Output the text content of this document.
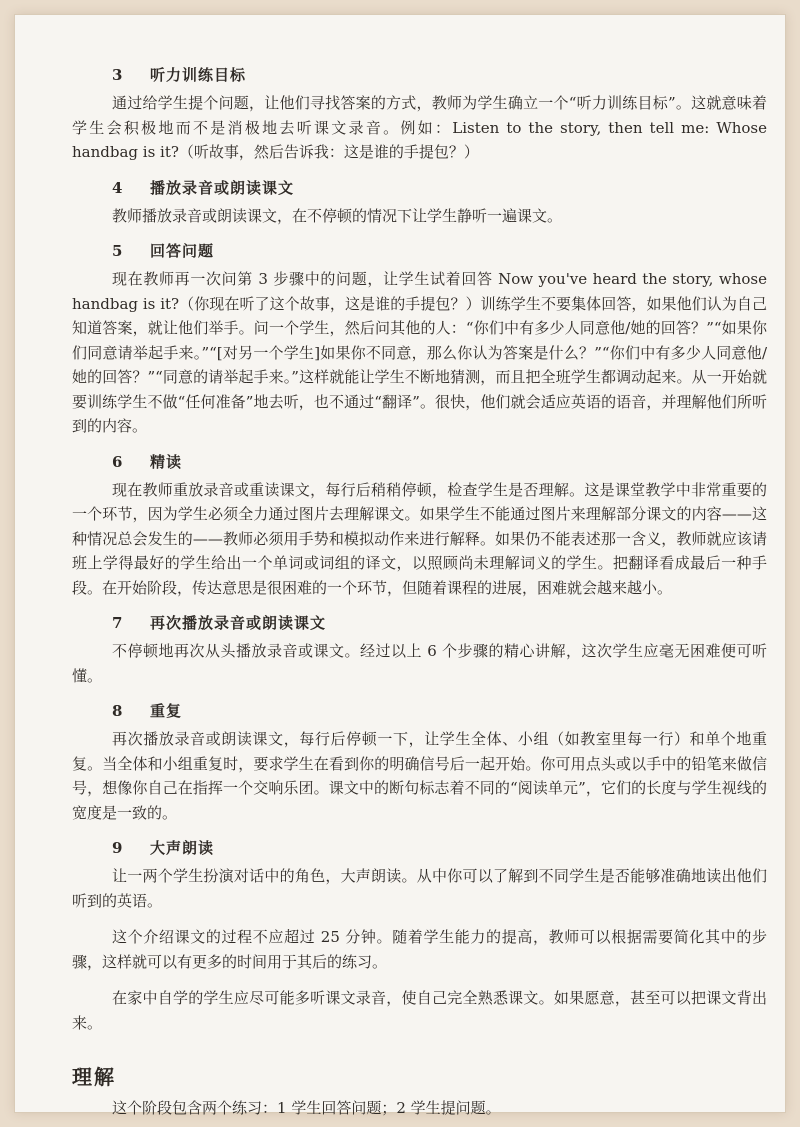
3 听力训练目标

通过给学生提个问题，让他们寻找答案的方式，教师为学生确立一个“听力训练目标”。这就意味着学生会积极地而不是消极地去听课文录音。例如：Listen to the story, then tell me: Whose handbag is it?（听故事，然后告诉我：这是谁的手提包？）

4 播放录音或朗读课文

教师播放录音或朗读课文，在不停顿的情况下让学生静听一遍课文。

5 回答问题

现在教师再一次问第 3 步骤中的问题，让学生试着回答 Now you've heard the story, whose handbag is it?（你现在听了这个故事，这是谁的手提包？）训练学生不要集体回答，如果他们认为自己知道答案，就让他们举手。问一个学生，然后问其他的人：“你们中有多少人同意他/她的回答？”“如果你们同意请举起手来。”“[对另一个学生]如果你不同意，那么你认为答案是什么？”“你们中有多少人同意他/她的回答？”“同意的请举起手来。”这样就能让学生不断地猜测，而且把全班学生都调动起来。从一开始就要训练学生不做“任何准备”地去听，也不通过“翻译”。很快，他们就会适应英语的语音，并理解他们所听到的内容。

6 精读

现在教师重放录音或重读课文，每行后稍稍停顿，检查学生是否理解。这是课堂教学中非常重要的一个环节，因为学生必须全力通过图片去理解课文。如果学生不能通过图片来理解部分课文的内容——这种情况总会发生的——教师必须用手势和模拟动作来进行解释。如果仍不能表述那一含义，教师就应该请班上学得最好的学生给出一个单词或词组的译文，以照顾尚未理解词义的学生。把翻译看成最后一种手段。在开始阶段，传达意思是很困难的一个环节，但随着课程的进展，困难就会越来越小。

7 再次播放录音或朗读课文

不停顿地再次从头播放录音或课文。经过以上 6 个步骤的精心讲解，这次学生应毫无困难便可听懂。

8 重复

再次播放录音或朗读课文，每行后停顿一下，让学生全体、小组（如教室里每一行）和单个地重复。当全体和小组重复时，要求学生在看到你的明确信号后一起开始。你可用点头或以手中的铅笔来做信号，想像你自己在指挥一个交响乐团。课文中的断句标志着不同的“阅读单元”，它们的长度与学生视线的宽度是一致的。

9 大声朗读

让一两个学生扮演对话中的角色，大声朗读。从中你可以了解到不同学生是否能够准确地读出他们听到的英语。

这个介绍课文的过程不应超过 25 分钟。随着学生能力的提高，教师可以根据需要简化其中的步骤，这样就可以有更多的时间用于其后的练习。

在家中自学的学生应尽可能多听课文录音，使自己完全熟悉课文。如果愿意，甚至可以把课文背出来。

理解

这个阶段包含两个练习：1 学生回答问题；2 学生提问题。
